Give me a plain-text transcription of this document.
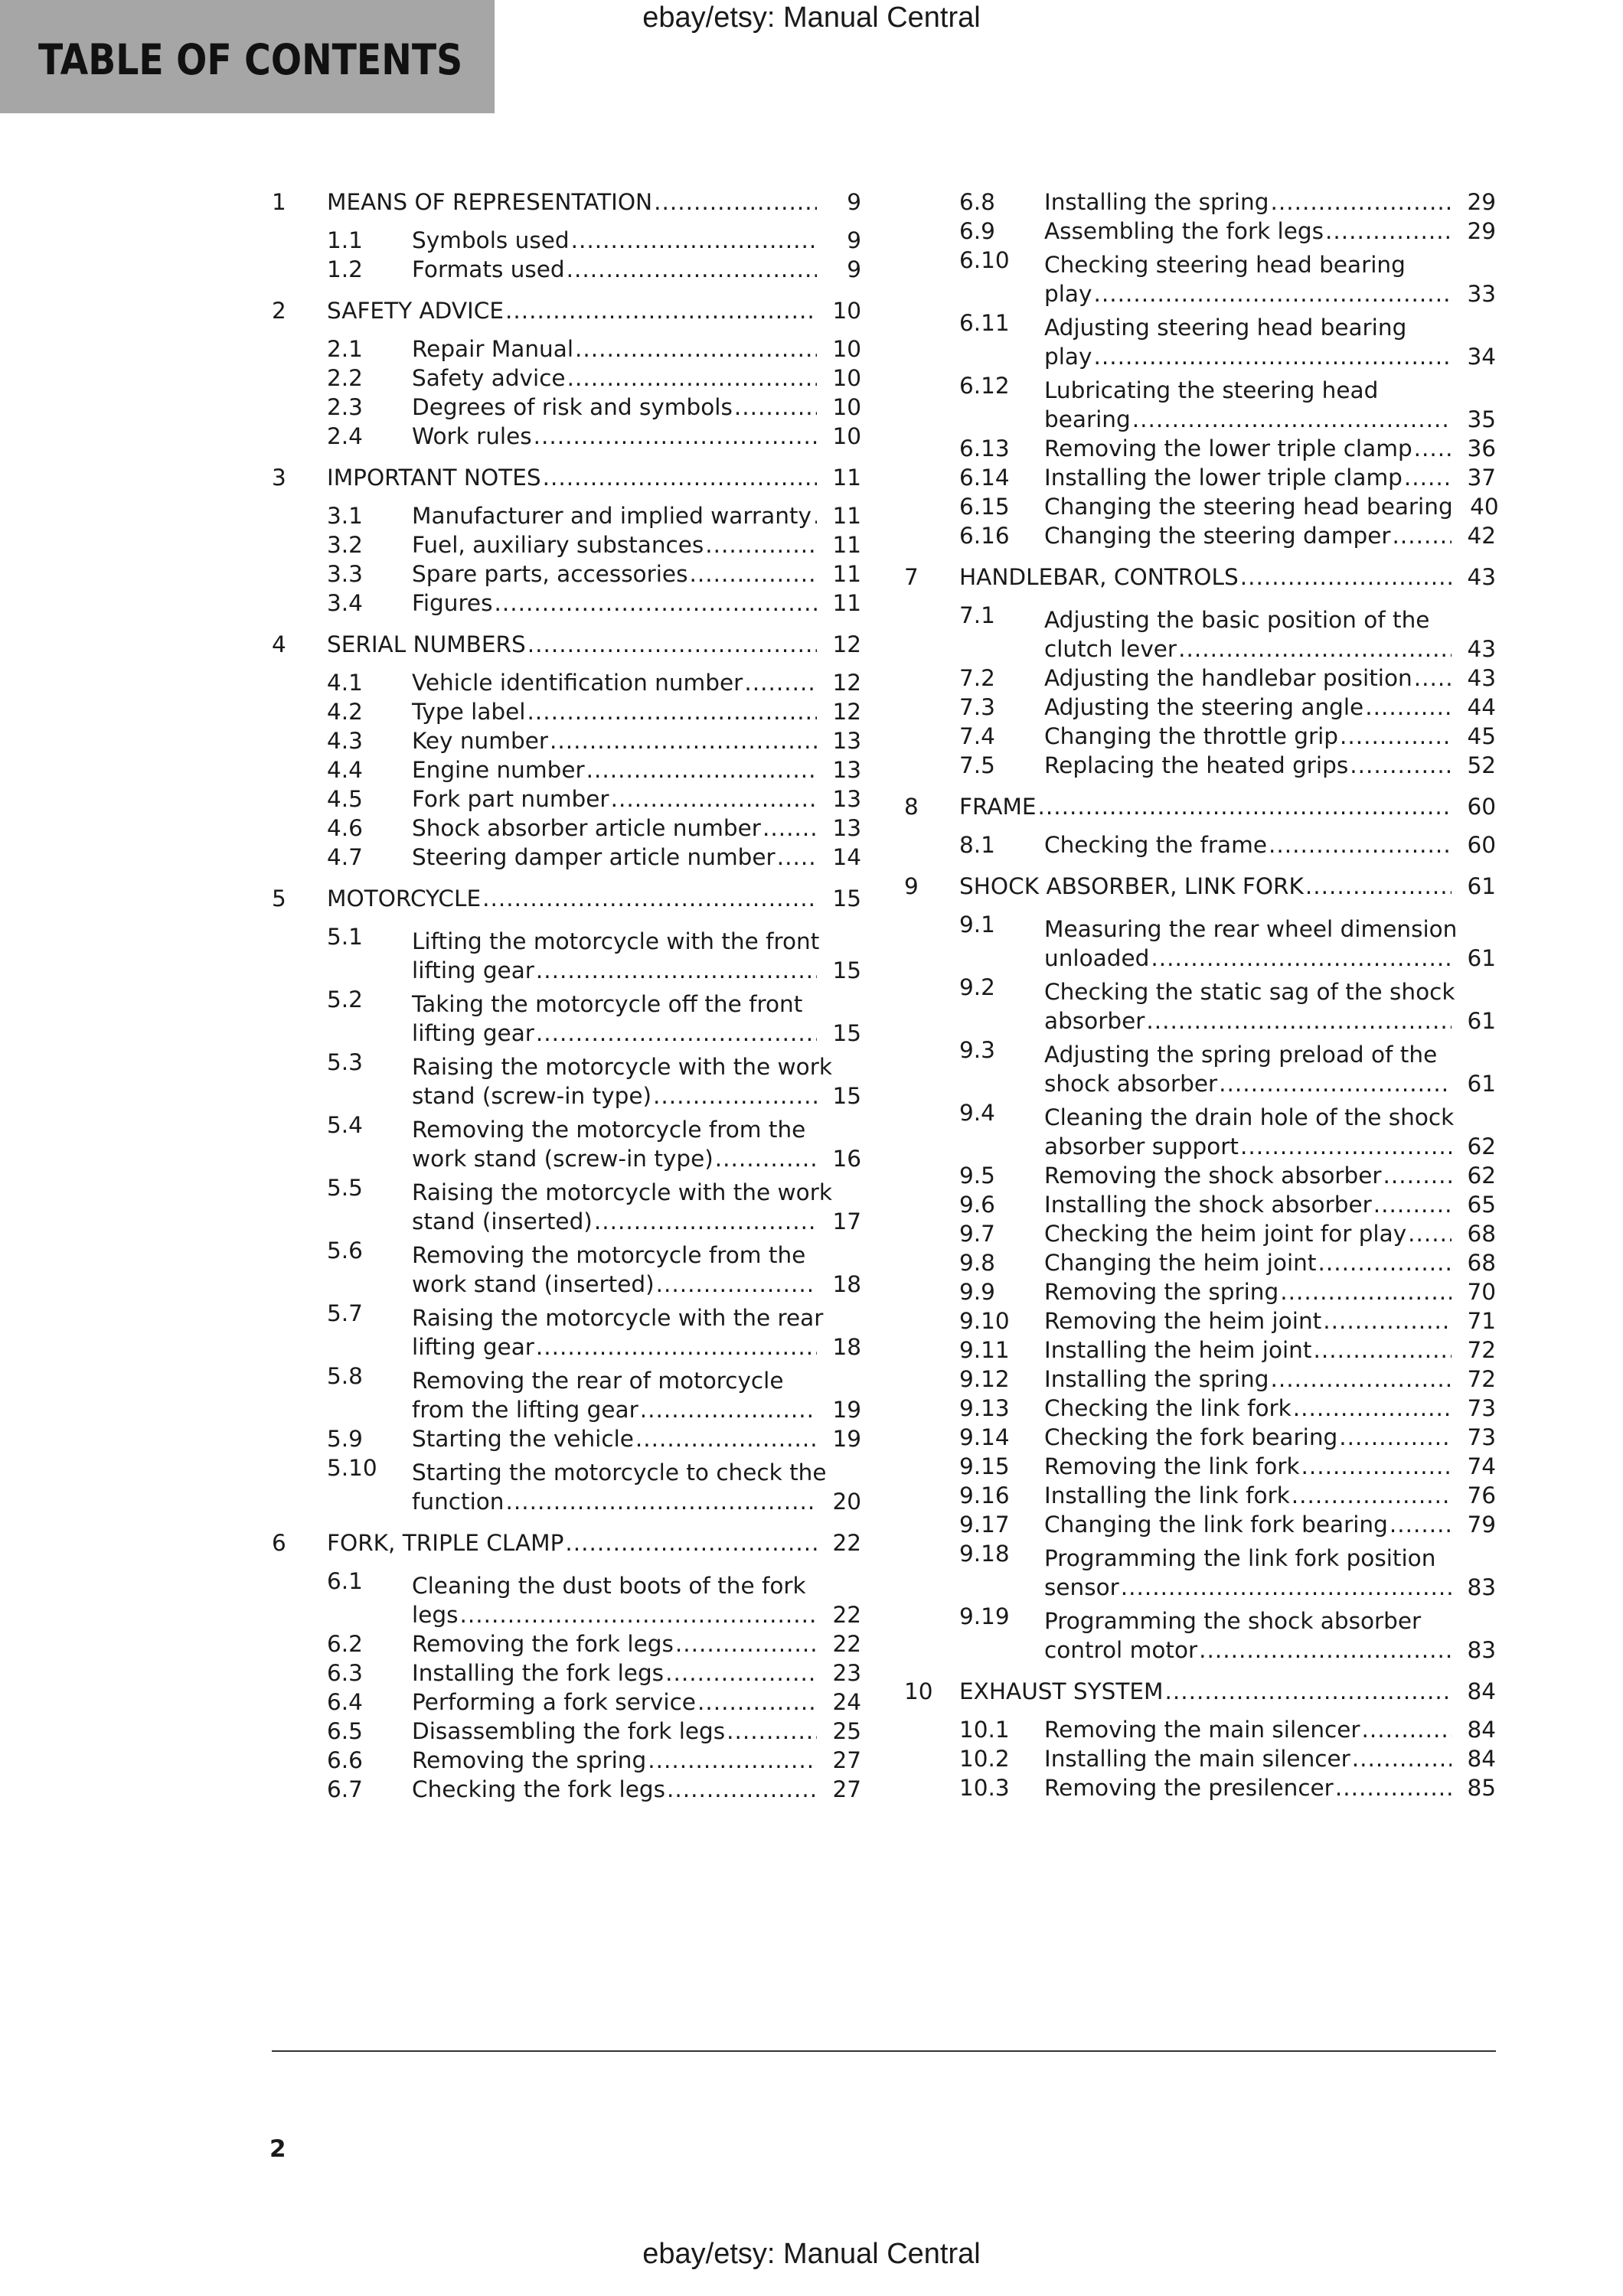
ebay/etsy: Manual Central
TABLE OF CONTENTS
1 MEANS OF REPRESENTATION .....	9
1.1 Symbols used .....	9
1.2 Formats used .....	9
2 SAFETY ADVICE .....	10
2.1 Repair Manual .....	10
2.2 Safety advice .....	10
2.3 Degrees of risk and symbols .....	10
2.4 Work rules .....	10
3 IMPORTANT NOTES .....	11
3.1 Manufacturer and implied warranty ..... 11
3.2 Fuel, auxiliary substances .....	11
3.3 Spare parts, accessories .....	11
3.4 Figures .....	11
4 SERIAL NUMBERS .....	12
4.1 Vehicle identification number .....	12
4.2 Type label .....	12
4.3 Key number .....	13
4.4 Engine number .....	13
4.5 Fork part number .....	13
4.6 Shock absorber article number .....	13
4.7 Steering damper article number .....	14
5 MOTORCYCLE .....	15
5.1 Lifting the motorcycle with the front
lifting gear .....	15
5.2 Taking the motorcycle off the front
lifting gear .....	15
5.3 Raising the motorcycle with the work
stand (screw-in type) .....	15
5.4 Removing the motorcycle from the
work stand (screw-in type) .....	16
5.5 Raising the motorcycle with the work
stand (inserted) .....	17
5.6 Removing the motorcycle from the
work stand (inserted) .....	18
5.7 Raising the motorcycle with the rear
lifting gear .....	18
5.8 Removing the rear of motorcycle
from the lifting gear .....	19
5.9 Starting the vehicle .....	19
5.10 Starting the motorcycle to check the
function .....	20
6 FORK, TRIPLE CLAMP .....	22
6.1 Cleaning the dust boots of the fork
legs .....	22
6.2 Removing the fork legs .....	22
6.3 Installing the fork legs .....	23
6.4 Performing a fork service .....	24
6.5 Disassembling the fork legs .....	25
6.6 Removing the spring .....	27
6.7 Checking the fork legs .....	27
6.8 Installing the spring .....	29
6.9 Assembling the fork legs .....	29
6.10 Checking steering head bearing
play .....	33
6.11 Adjusting steering head bearing
play .....	34
6.12 Lubricating the steering head
bearing .....	35
6.13 Removing the lower triple clamp .....	36
6.14 Installing the lower triple clamp .....	37
6.15 Changing the steering head bearing 40
6.16 Changing the steering damper .....	42
7 HANDLEBAR, CONTROLS .....	43
7.1 Adjusting the basic position of the
clutch lever .....	43
7.2 Adjusting the handlebar position .....	43
7.3 Adjusting the steering angle .....	44
7.4 Changing the throttle grip .....	45
7.5 Replacing the heated grips .....	52
8 FRAME .....	60
8.1 Checking the frame .....	60
9 SHOCK ABSORBER, LINK FORK .....	61
9.1 Measuring the rear wheel dimension
unloaded .....	61
9.2 Checking the static sag of the shock
absorber .....	61
9.3 Adjusting the spring preload of the
shock absorber .....	61
9.4 Cleaning the drain hole of the shock
absorber support .....	62
9.5 Removing the shock absorber .....	62
9.6 Installing the shock absorber .....	65
9.7 Checking the heim joint for play .....	68
9.8 Changing the heim joint .....	68
9.9 Removing the spring .....	70
9.10 Removing the heim joint .....	71
9.11 Installing the heim joint .....	72
9.12 Installing the spring .....	72
9.13 Checking the link fork .....	73
9.14 Checking the fork bearing .....	73
9.15 Removing the link fork .....	74
9.16 Installing the link fork .....	76
9.17 Changing the link fork bearing .....	79
9.18 Programming the link fork position
sensor .....	83
9.19 Programming the shock absorber
control motor .....	83
10 EXHAUST SYSTEM .....	84
10.1 Removing the main silencer .....	84
10.2 Installing the main silencer .....	84
10.3 Removing the presilencer .....	85
2
ebay/etsy: Manual Central
